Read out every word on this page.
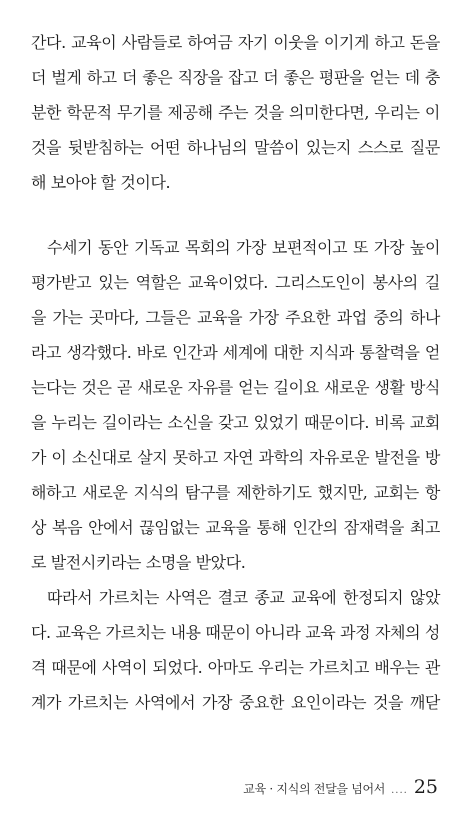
간다. 교육이 사람들로 하여금 자기 이웃을 이기게 하고 돈을
더 벌게 하고 더 좋은 직장을 잡고 더 좋은 평판을 얻는 데 충
분한 학문적 무기를 제공해 주는 것을 의미한다면, 우리는 이
것을 뒷받침하는 어떤 하나님의 말씀이 있는지 스스로 질문
해 보아야 할 것이다.
수세기 동안 기독교 목회의 가장 보편적이고 또 가장 높이
평가받고 있는 역할은 교육이었다. 그리스도인이 봉사의 길
을 가는 곳마다, 그들은 교육을 가장 주요한 과업 중의 하나
라고 생각했다. 바로 인간과 세계에 대한 지식과 통찰력을 얻
는다는 것은 곧 새로운 자유를 얻는 길이요 새로운 생활 방식
을 누리는 길이라는 소신을 갖고 있었기 때문이다. 비록 교회
가 이 소신대로 살지 못하고 자연 과학의 자유로운 발전을 방
해하고 새로운 지식의 탐구를 제한하기도 했지만, 교회는 항
상 복음 안에서 끊임없는 교육을 통해 인간의 잠재력을 최고
로 발전시키라는 소명을 받았다.
따라서 가르치는 사역은 결코 종교 교육에 한정되지 않았
다. 교육은 가르치는 내용 때문이 아니라 교육 과정 자체의 성
격 때문에 사역이 되었다. 아마도 우리는 가르치고 배우는 관
계가 가르치는 사역에서 가장 중요한 요인이라는 것을 깨닫
교육 · 지식의 전달을 넘어서 .... 25
